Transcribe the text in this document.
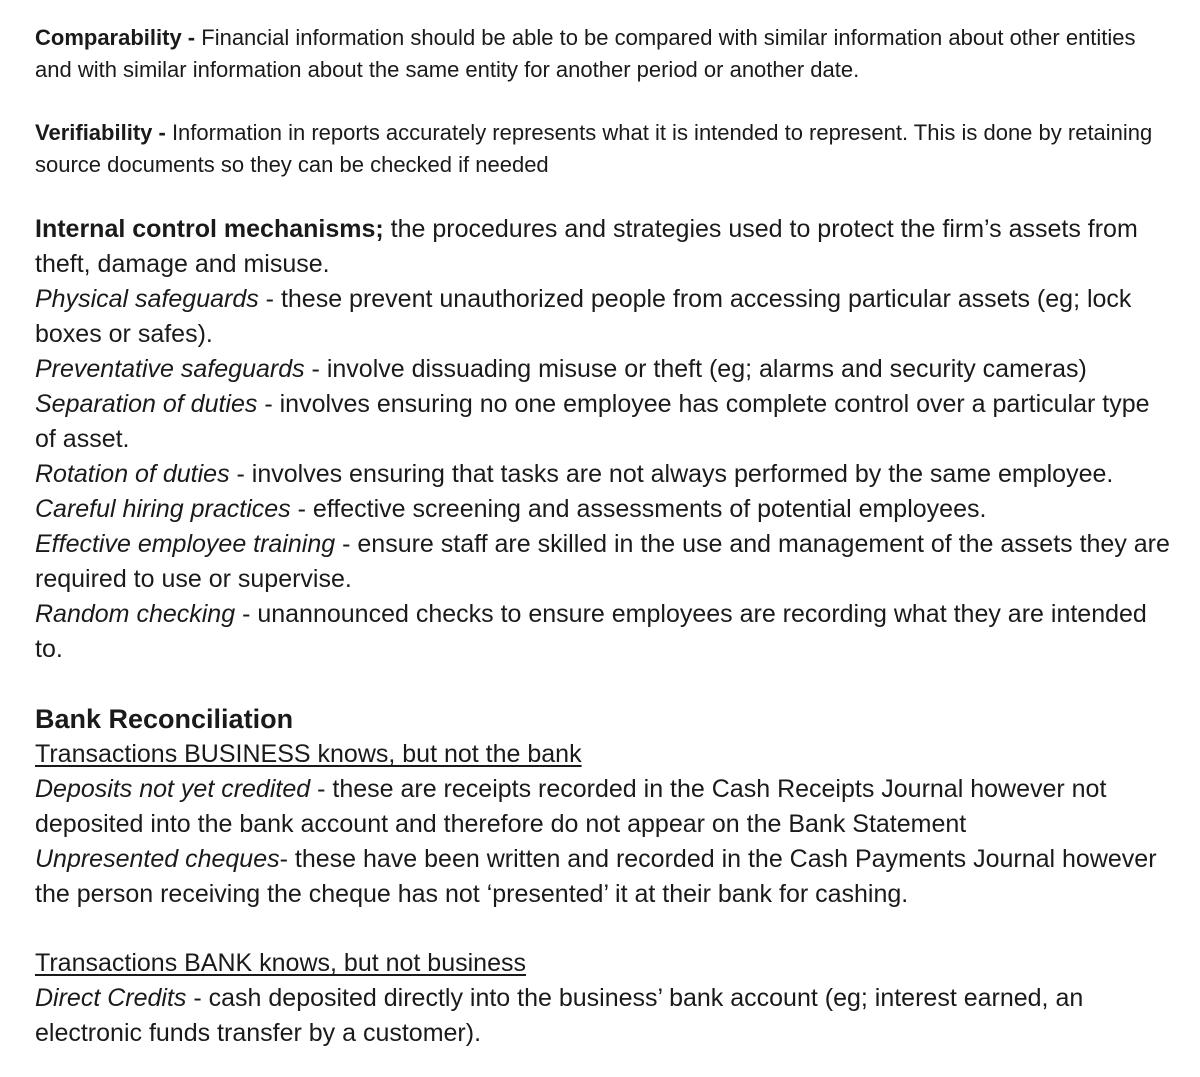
Comparability - Financial information should be able to be compared with similar information about other entities and with similar information about the same entity for another period or another date.

Verifiability - Information in reports accurately represents what it is intended to represent. This is done by retaining source documents so they can be checked if needed

Internal control mechanisms; the procedures and strategies used to protect the firm’s assets from theft, damage and misuse.

Physical safeguards - these prevent unauthorized people from accessing particular assets (eg; lock boxes or safes).

Preventative safeguards - involve dissuading misuse or theft (eg; alarms and security cameras)

Separation of duties - involves ensuring no one employee has complete control over a particular type of asset.

Rotation of duties - involves ensuring that tasks are not always performed by the same employee.

Careful hiring practices - effective screening and assessments of potential employees.

Effective employee training - ensure staff are skilled in the use and management of the assets they are required to use or supervise.

Random checking - unannounced checks to ensure employees are recording what they are intended to.

Bank Reconciliation

Transactions BUSINESS knows, but not the bank

Deposits not yet credited - these are receipts recorded in the Cash Receipts Journal however not deposited into the bank account and therefore do not appear on the Bank Statement

Unpresented cheques- these have been written and recorded in the Cash Payments Journal however the person receiving the cheque has not ‘presented’ it at their bank for cashing.

Transactions BANK knows, but not business

Direct Credits - cash deposited directly into the business’ bank account (eg; interest earned, an electronic funds transfer by a customer).
